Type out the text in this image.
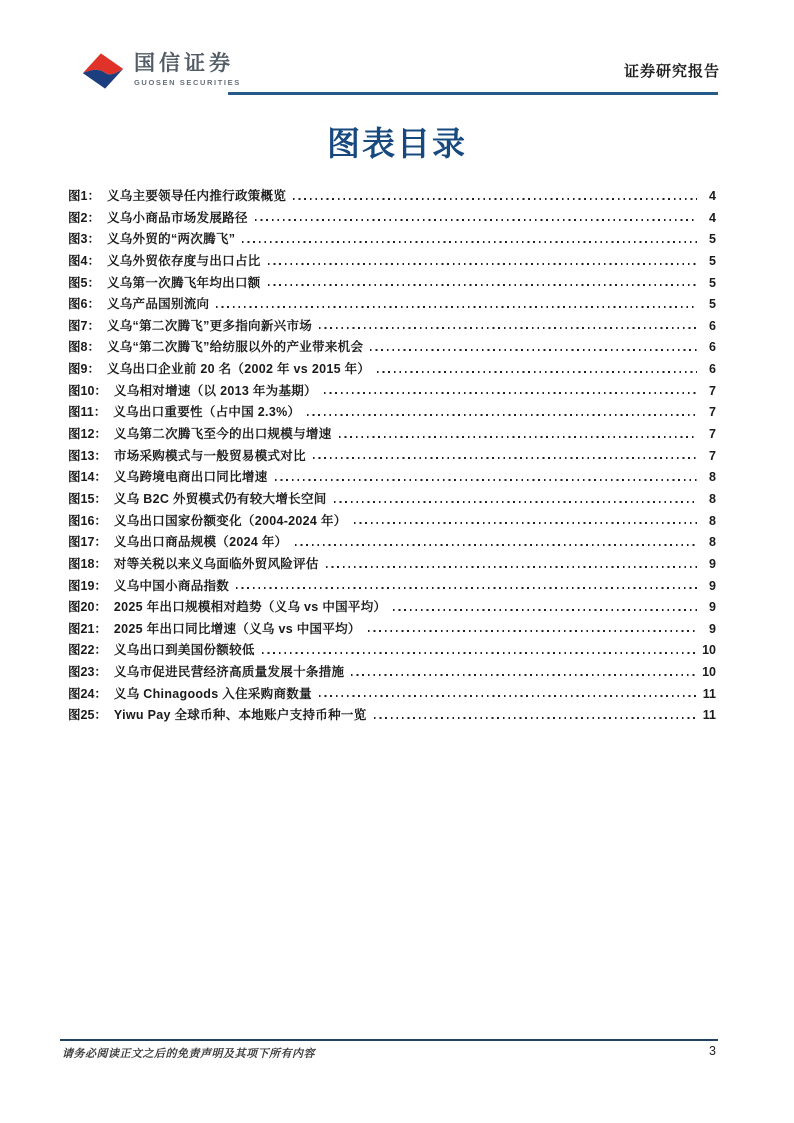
国信证券
GUOSEN SECURITIES
证券研究报告
图表目录
图1： 义乌主要领导任内推行政策概览	4
图2： 义乌小商品市场发展路径	4
图3： 义乌外贸的“两次腾飞”	5
图4： 义乌外贸依存度与出口占比	5
图5： 义乌第一次腾飞年均出口额	5
图6： 义乌产品国别流向	5
图7： 义乌“第二次腾飞”更多指向新兴市场	6
图8： 义乌“第二次腾飞”给纺服以外的产业带来机会	6
图9： 义乌出口企业前 20 名（2002 年 vs 2015 年）	6
图10： 义乌相对增速（以 2013 年为基期）	7
图11： 义乌出口重要性（占中国 2.3%）	7
图12： 义乌第二次腾飞至今的出口规模与增速	7
图13： 市场采购模式与一般贸易模式对比	7
图14： 义乌跨境电商出口同比增速	8
图15： 义乌 B2C 外贸模式仍有较大增长空间	8
图16： 义乌出口国家份额变化（2004-2024 年）	8
图17： 义乌出口商品规模（2024 年）	8
图18： 对等关税以来义乌面临外贸风险评估	9
图19： 义乌中国小商品指数	9
图20： 2025 年出口规模相对趋势（义乌 vs 中国平均）	9
图21： 2025 年出口同比增速（义乌 vs 中国平均）	9
图22： 义乌出口到美国份额较低	10
图23： 义乌市促进民营经济高质量发展十条措施	10
图24： 义乌 Chinagoods 入住采购商数量	11
图25： Yiwu Pay 全球币种、本地账户支持币种一览	11
请务必阅读正文之后的免责声明及其项下所有内容	3
